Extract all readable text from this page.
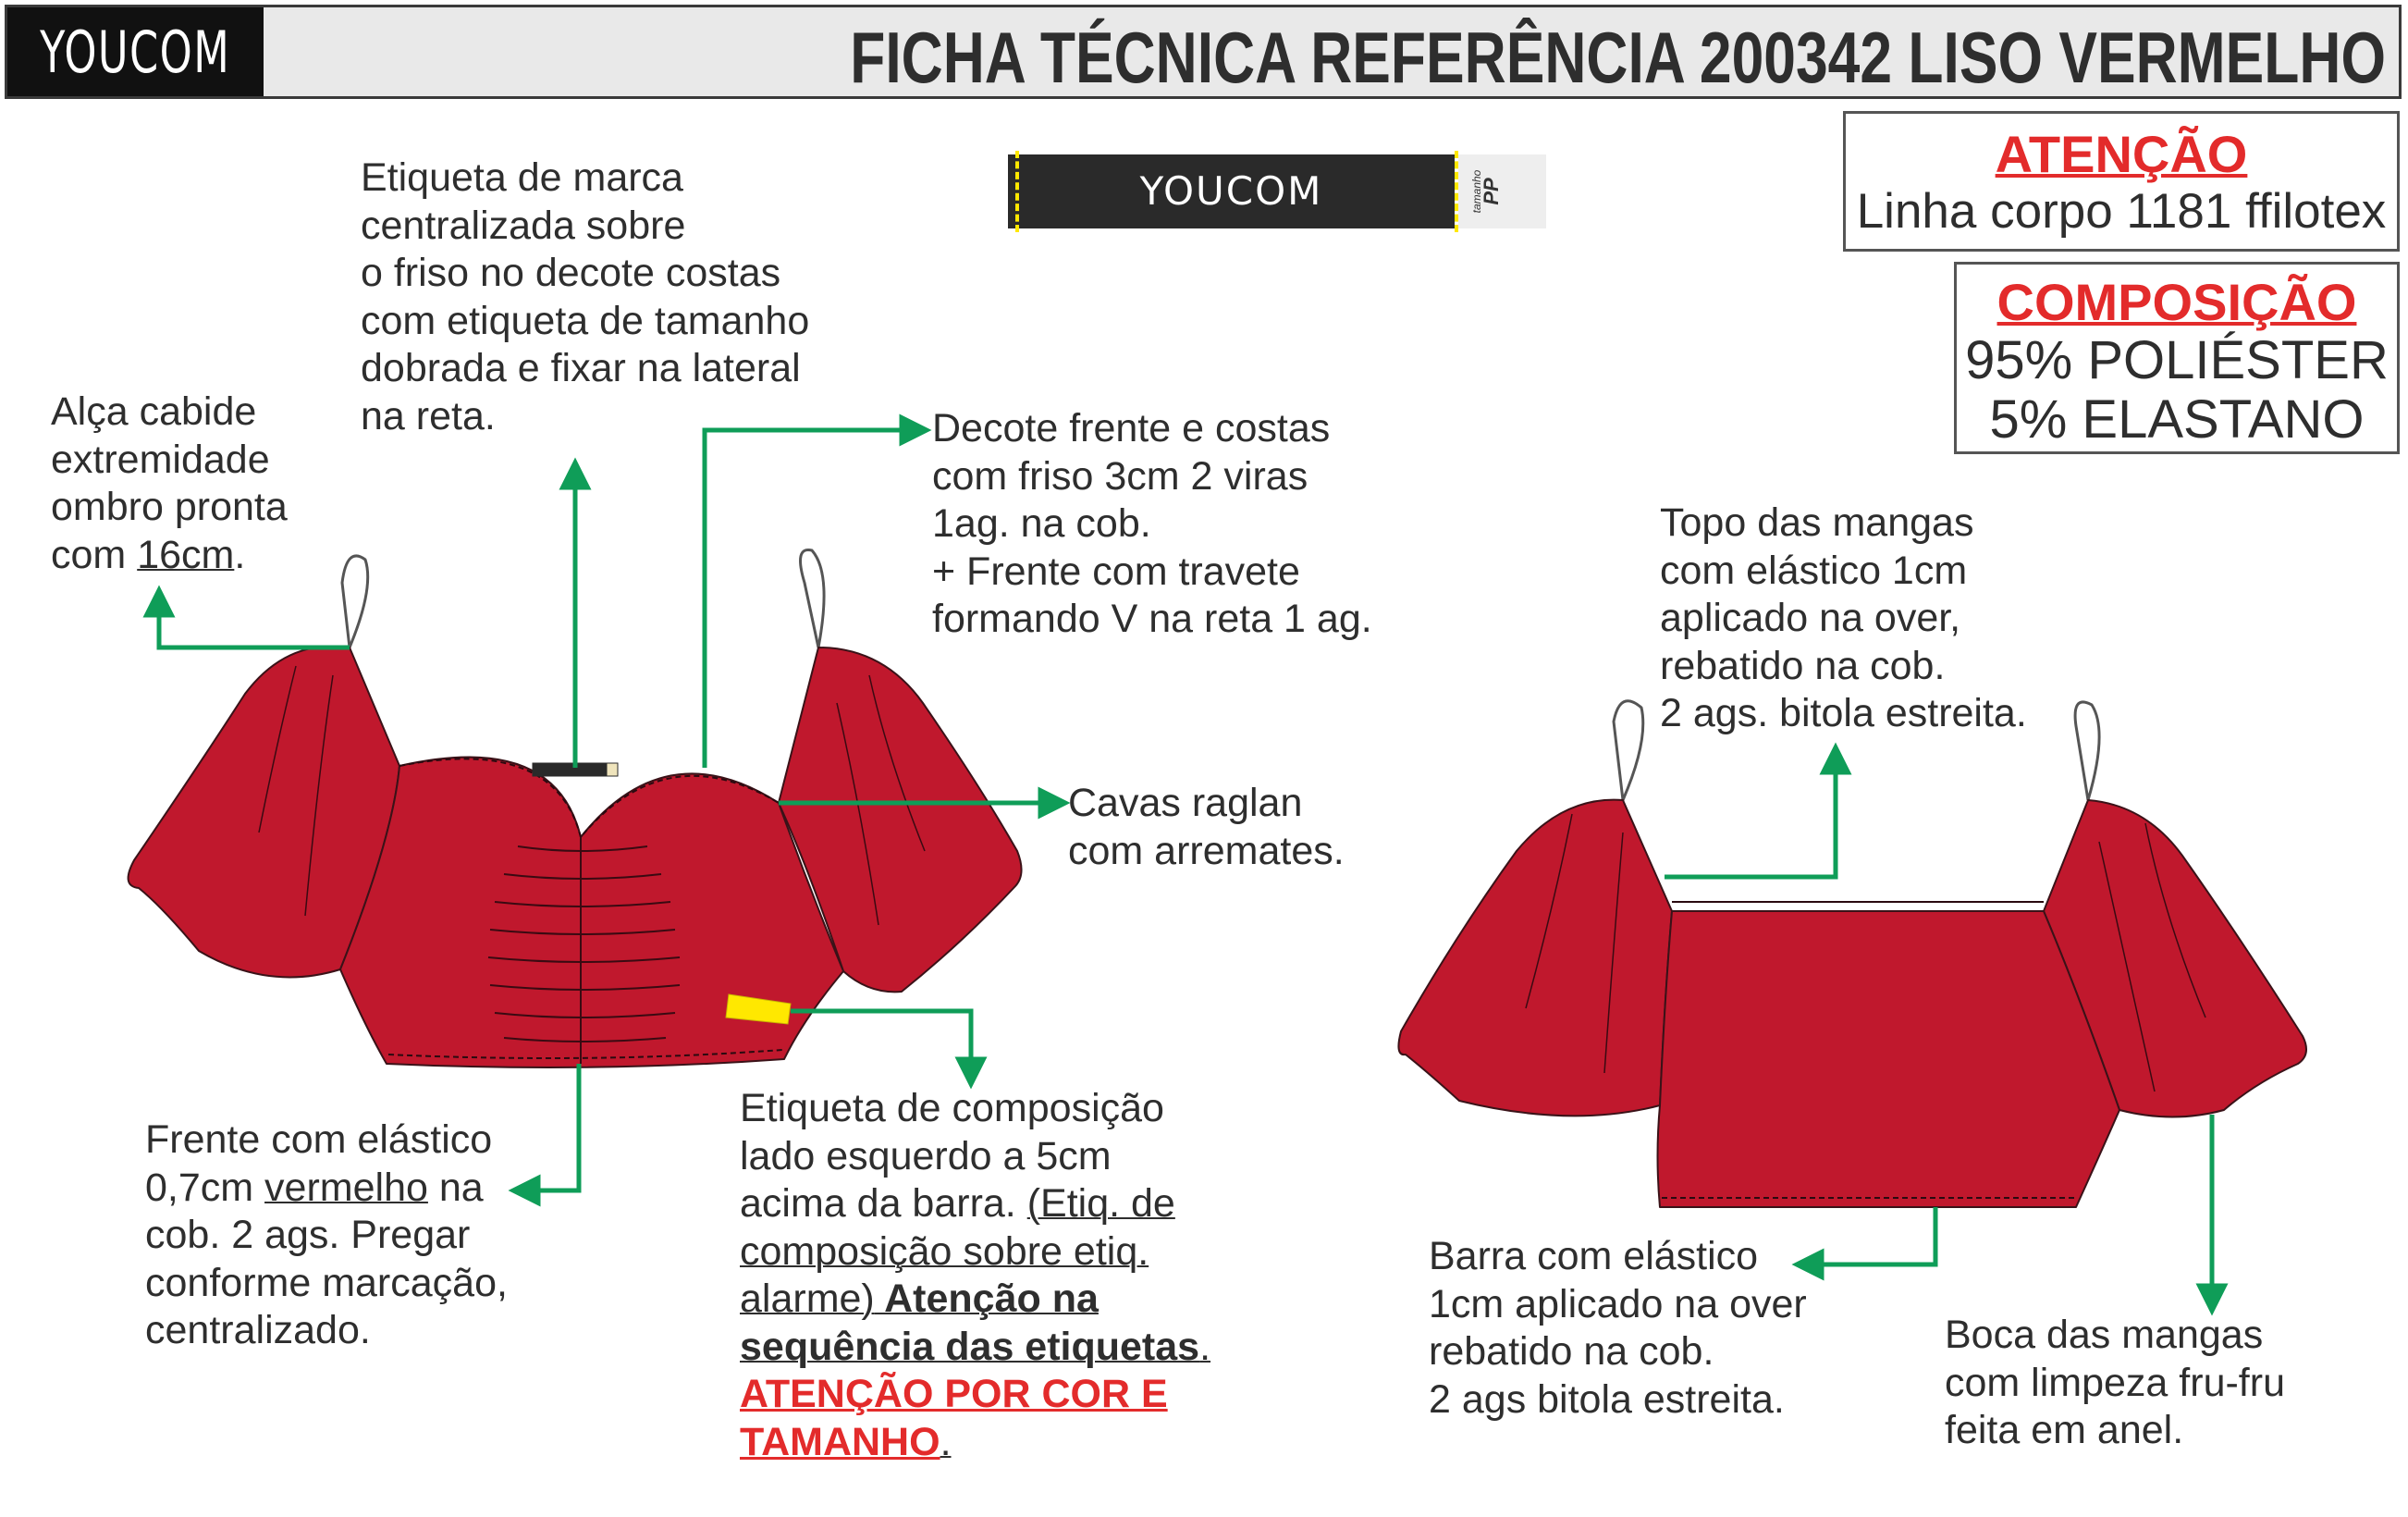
YOUCOM	FICHA TÉCNICA REFERÊNCIA 200342 LISO VERMELHO
ATENÇÃO
Linha corpo 1181 ffilotex
COMPOSIÇÃO
95% POLIÉSTER
5% ELASTANO
YOUCOM	tamanho
PP
Etiqueta de marca
centralizada sobre
o friso no decote costas
com etiqueta de tamanho
dobrada e fixar na lateral
na reta.
Alça cabide
extremidade
ombro pronta
com 16cm.
Decote frente e costas
com friso 3cm 2 viras
1ag. na cob.
+ Frente com travete
formando V na reta 1 ag.
Cavas raglan
com arremates.
Frente com elástico
0,7cm vermelho na
cob. 2 ags. Pregar
conforme marcação,
centralizado.
Etiqueta de composição
lado esquerdo a 5cm
acima da barra. (Etiq. de
composição sobre etiq.
alarme) Atenção na
sequência das etiquetas.
ATENÇÃO POR COR E
TAMANHO.
Topo das mangas
com elástico 1cm
aplicado na over,
rebatido na cob.
2 ags. bitola estreita.
Barra com elástico
1cm aplicado na over
rebatido na cob.
2 ags bitola estreita.
Boca das mangas
com limpeza fru-fru
feita em anel.
